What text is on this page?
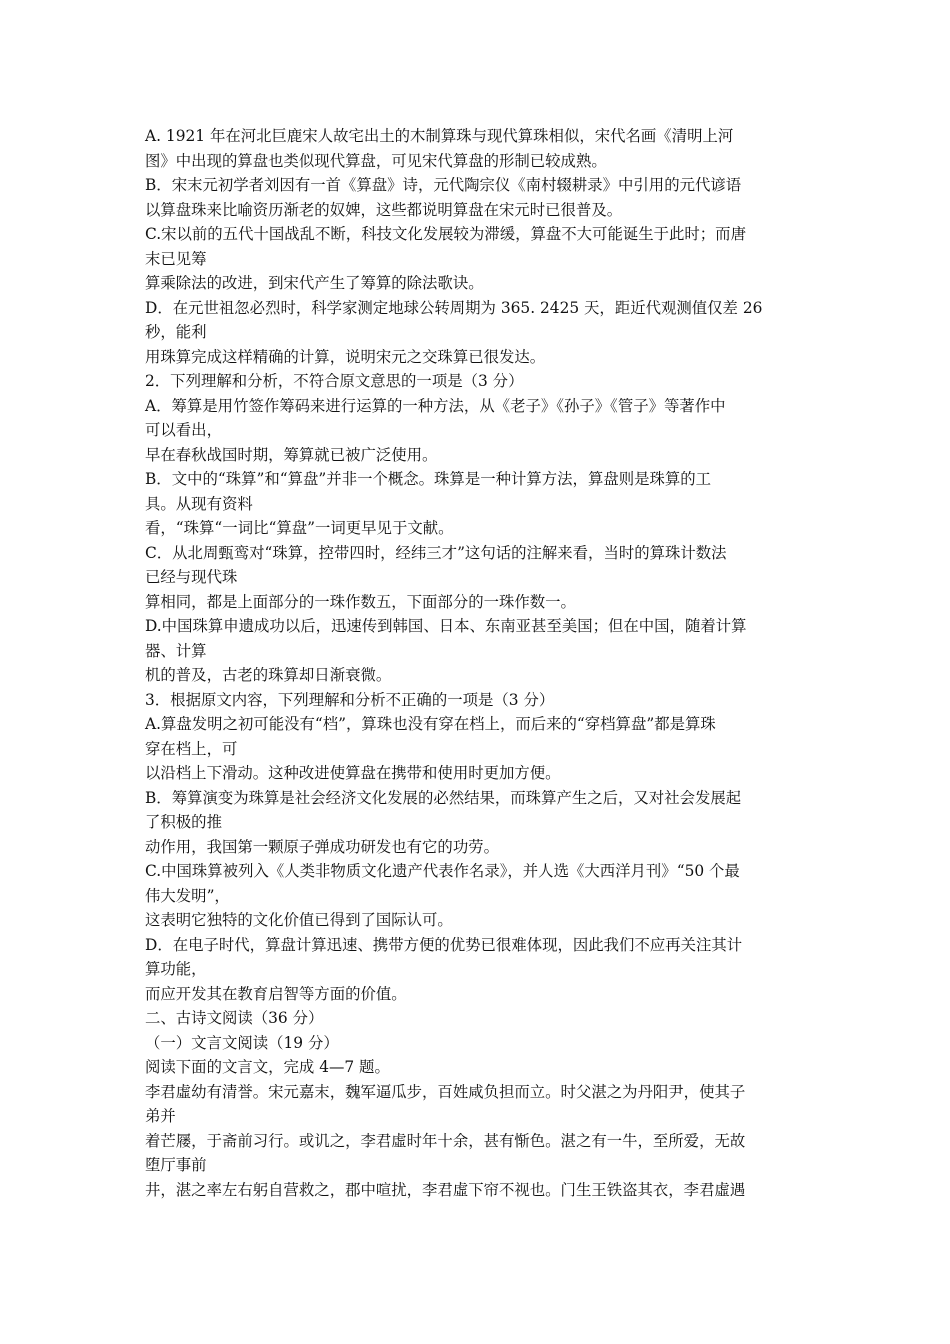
A. 1921 年在河北巨鹿宋人故宅出土的木制算珠与现代算珠相似，宋代名画《清明上河
图》中出现的算盘也类似现代算盘，可见宋代算盘的形制已较成熟。
B．宋末元初学者刘因有一首《算盘》诗，元代陶宗仪《南村辍耕录》中引用的元代谚语
以算盘珠来比喻资历渐老的奴婢，这些都说明算盘在宋元时已很普及。
C.宋以前的五代十国战乱不断，科技文化发展较为滞缓，算盘不大可能诞生于此时；而唐
末已见筹
算乘除法的改进，到宋代产生了筹算的除法歌诀。
D．在元世祖忽必烈时，科学家测定地球公转周期为 365. 2425 天，距近代观测值仅差 26
秒，能利
用珠算完成这样精确的计算，说明宋元之交珠算已很发达。
2．下列理解和分析，不符合原文意思的一项是（3 分）
A．筹算是用竹签作筹码来进行运算的一种方法，从《老子》《孙子》《管子》等著作中
可以看出，
早在春秋战国时期，筹算就已被广泛使用。
B．文中的“珠算”和“算盘”并非一个概念。珠算是一种计算方法，算盘则是珠算的工
具。从现有资料
看，“珠算“一词比“算盘”一词更早见于文献。
C．从北周甄鸾对“珠算，控带四时，经纬三才”这句话的注解来看，当时的算珠计数法
已经与现代珠
算相同，都是上面部分的一珠作数五，下面部分的一珠作数一。
D.中国珠算申遗成功以后，迅速传到韩国、日本、东南亚甚至美国；但在中国，随着计算
器、计算
机的普及，古老的珠算却日渐衰微。
3．根据原文内容，下列理解和分析不正确的一项是（3 分）
A.算盘发明之初可能没有“档”，算珠也没有穿在档上，而后来的“穿档算盘”都是算珠
穿在档上，可
以沿档上下滑动。这种改进使算盘在携带和使用时更加方便。
B．筹算演变为珠算是社会经济文化发展的必然结果，而珠算产生之后，又对社会发展起
了积极的推
动作用，我国第一颗原子弹成功研发也有它的功劳。
C.中国珠算被列入《人类非物质文化遗产代表作名录》，并人选《大西洋月刊》“50 个最
伟大发明”，
这表明它独特的文化价值已得到了国际认可。
D．在电子时代，算盘计算迅速、携带方便的优势已很难体现，因此我们不应再关注其计
算功能，
而应开发其在教育启智等方面的价值。
二、古诗文阅读（36 分）
（一）文言文阅读（19 分）
阅读下面的文言文，完成 4—7 题。
李君虛幼有清誉。宋元嘉末，魏军逼瓜步，百姓咸负担而立。时父湛之为丹阳尹，使其子
弟并
着芒屦，于斋前习行。或讥之，李君虛时年十余，甚有惭色。湛之有一牛，至所爱，无故
堕厅事前
井，湛之率左右躬自营救之，郡中喧扰，李君虛下帘不视也。门生王铁盗其衣，李君虛遇
